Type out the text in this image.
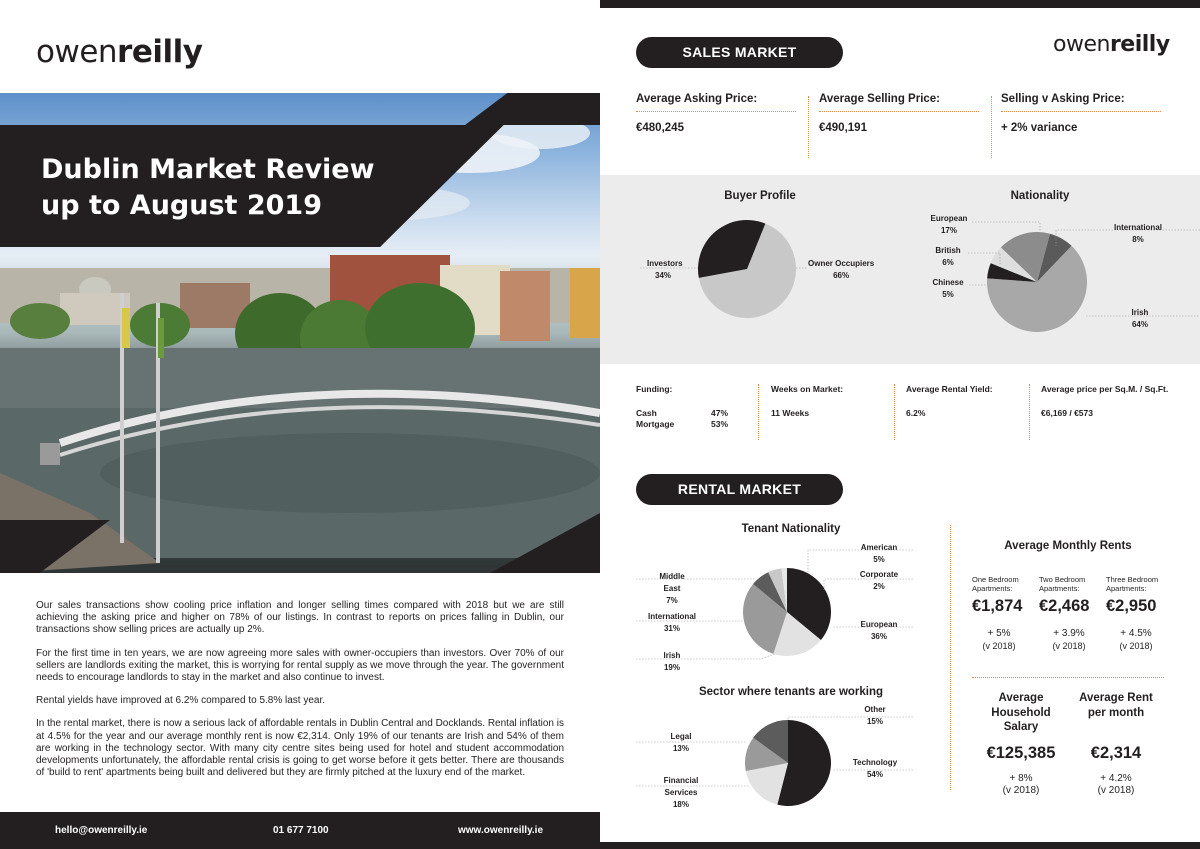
owenreilly
Dublin Market Review
up to August 2019

Our sales transactions show cooling price inflation and longer selling times compared with 2018 but we are still achieving the asking price and higher on 78% of our listings. In contrast to reports on prices falling in Dublin, our transactions show selling prices are actually up 2%.

For the first time in ten years, we are now agreeing more sales with owner-occupiers than investors. Over 70% of our sellers are landlords exiting the market, this is worrying for rental supply as we move through the year. The government needs to encourage landlords to stay in the market and also continue to invest.

Rental yields have improved at 6.2% compared to 5.8% last year.

In the rental market, there is now a serious lack of affordable rentals in Dublin Central and Docklands. Rental inflation is at 4.5% for the year and our average monthly rent is now €2,314. Only 19% of our tenants are Irish and 54% of them are working in the technology sector. With many city centre sites being used for hotel and student accommodation developments unfortunately, the affordable rental crisis is going to get worse before it gets better. There are thousands of 'build to rent' apartments being built and delivered but they are firmly pitched at the luxury end of the market.

hello@owenreilly.ie	01 677 7100	www.owenreilly.ie
SALES MARKET	owenreilly
Average Asking Price:
€480,245
Average Selling Price:
€490,191
Selling v Asking Price:
+ 2% variance
Buyer Profile
Investors
34%
Owner Occupiers
66%
Nationality
European
17%
British
6%
Chinese
5%
International
8%
Irish
64%
Funding:
Cash	47%
Mortgage	53%
Weeks on Market:
11 Weeks
Average Rental Yield:
6.2%
Average price per Sq.M. / Sq.Ft.
€6,169 / €573
RENTAL MARKET
Tenant Nationality
American
5%
Corporate
2%
European
36%
Middle East
7%
International
31%
Irish
19%
Sector where tenants are working
Other
15%
Technology
54%
Legal
13%
Financial Services
18%
Average Monthly Rents
One Bedroom
Apartments:
Two Bedroom
Apartments:
Three Bedroom
Apartments:
€1,874 €2,468 €2,950
+ 5%
(v 2018)
+ 3.9%
(v 2018)
+ 4.5%
(v 2018)
Average
Household
Salary
Average Rent
per month
€125,385	€2,314
+ 8%
(v 2018)
+ 4.2%
(v 2018)
